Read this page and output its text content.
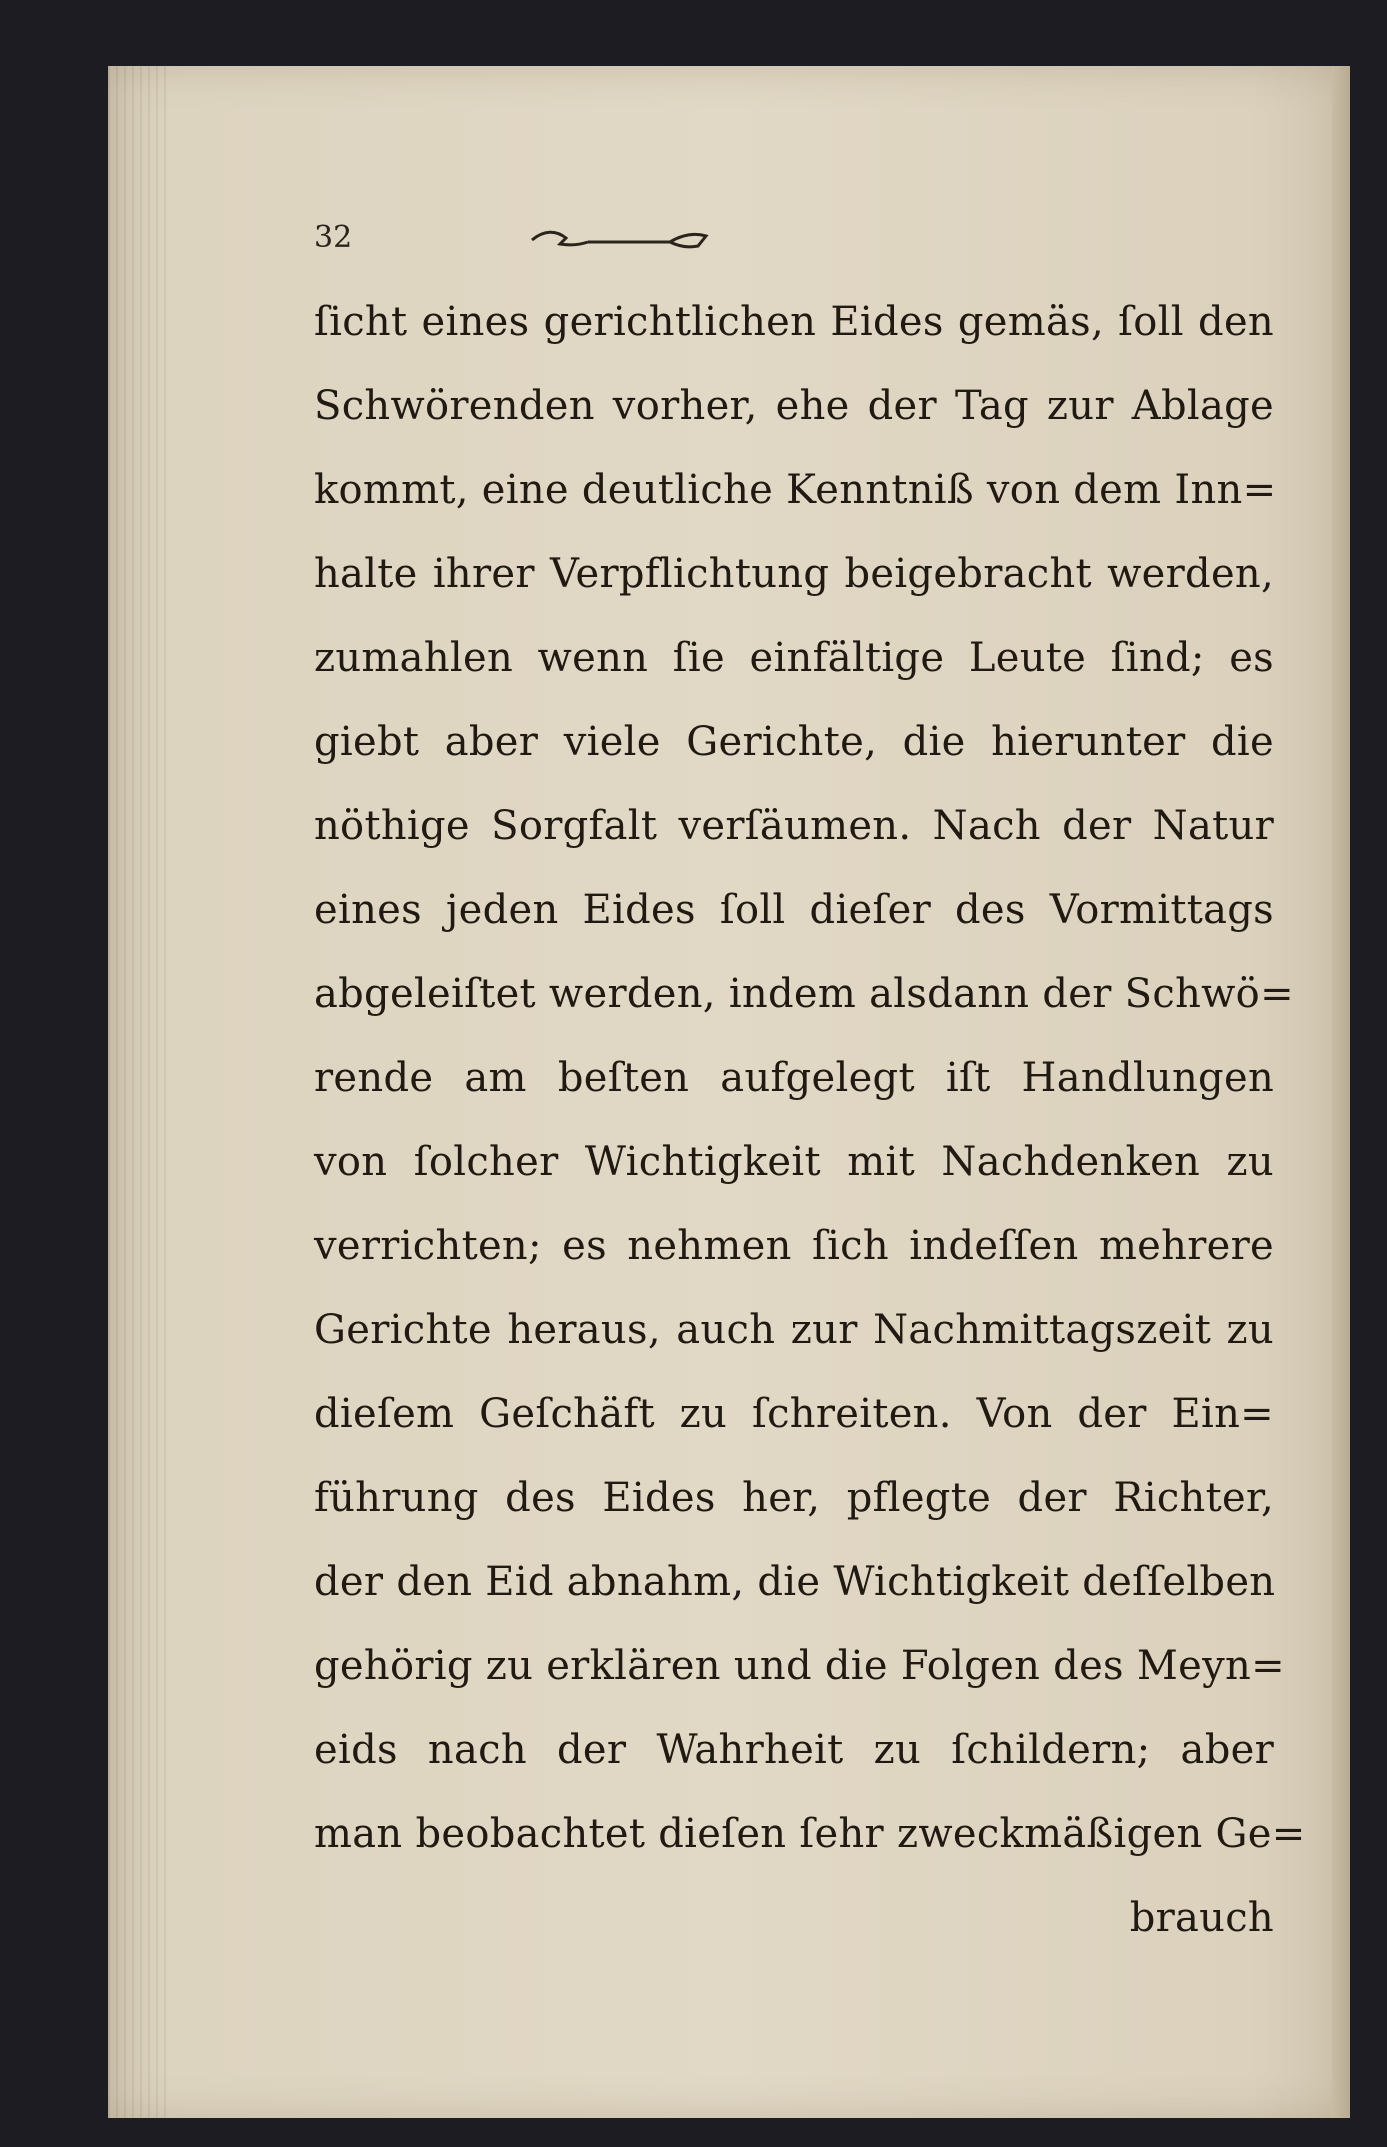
32
ſicht eines gerichtlichen Eides gemäs, ſoll den
Schwörenden vorher, ehe der Tag zur Ablage
kommt, eine deutliche Kenntniß von dem Inn=
halte ihrer Verpflichtung beigebracht werden,
zumahlen wenn ſie einfältige Leute ſind; es
giebt aber viele Gerichte, die hierunter die
nöthige Sorgfalt verſäumen. Nach der Natur
eines jeden Eides ſoll dieſer des Vormittags
abgeleiſtet werden, indem alsdann der Schwö=
rende am beſten aufgelegt iſt Handlungen
von ſolcher Wichtigkeit mit Nachdenken zu
verrichten; es nehmen ſich indeſſen mehrere
Gerichte heraus, auch zur Nachmittagszeit zu
dieſem Geſchäft zu ſchreiten. Von der Ein=
führung des Eides her, pflegte der Richter,
der den Eid abnahm, die Wichtigkeit deſſelben
gehörig zu erklären und die Folgen des Meyn=
eids nach der Wahrheit zu ſchildern; aber
man beobachtet dieſen ſehr zweckmäßigen Ge=
brauch
